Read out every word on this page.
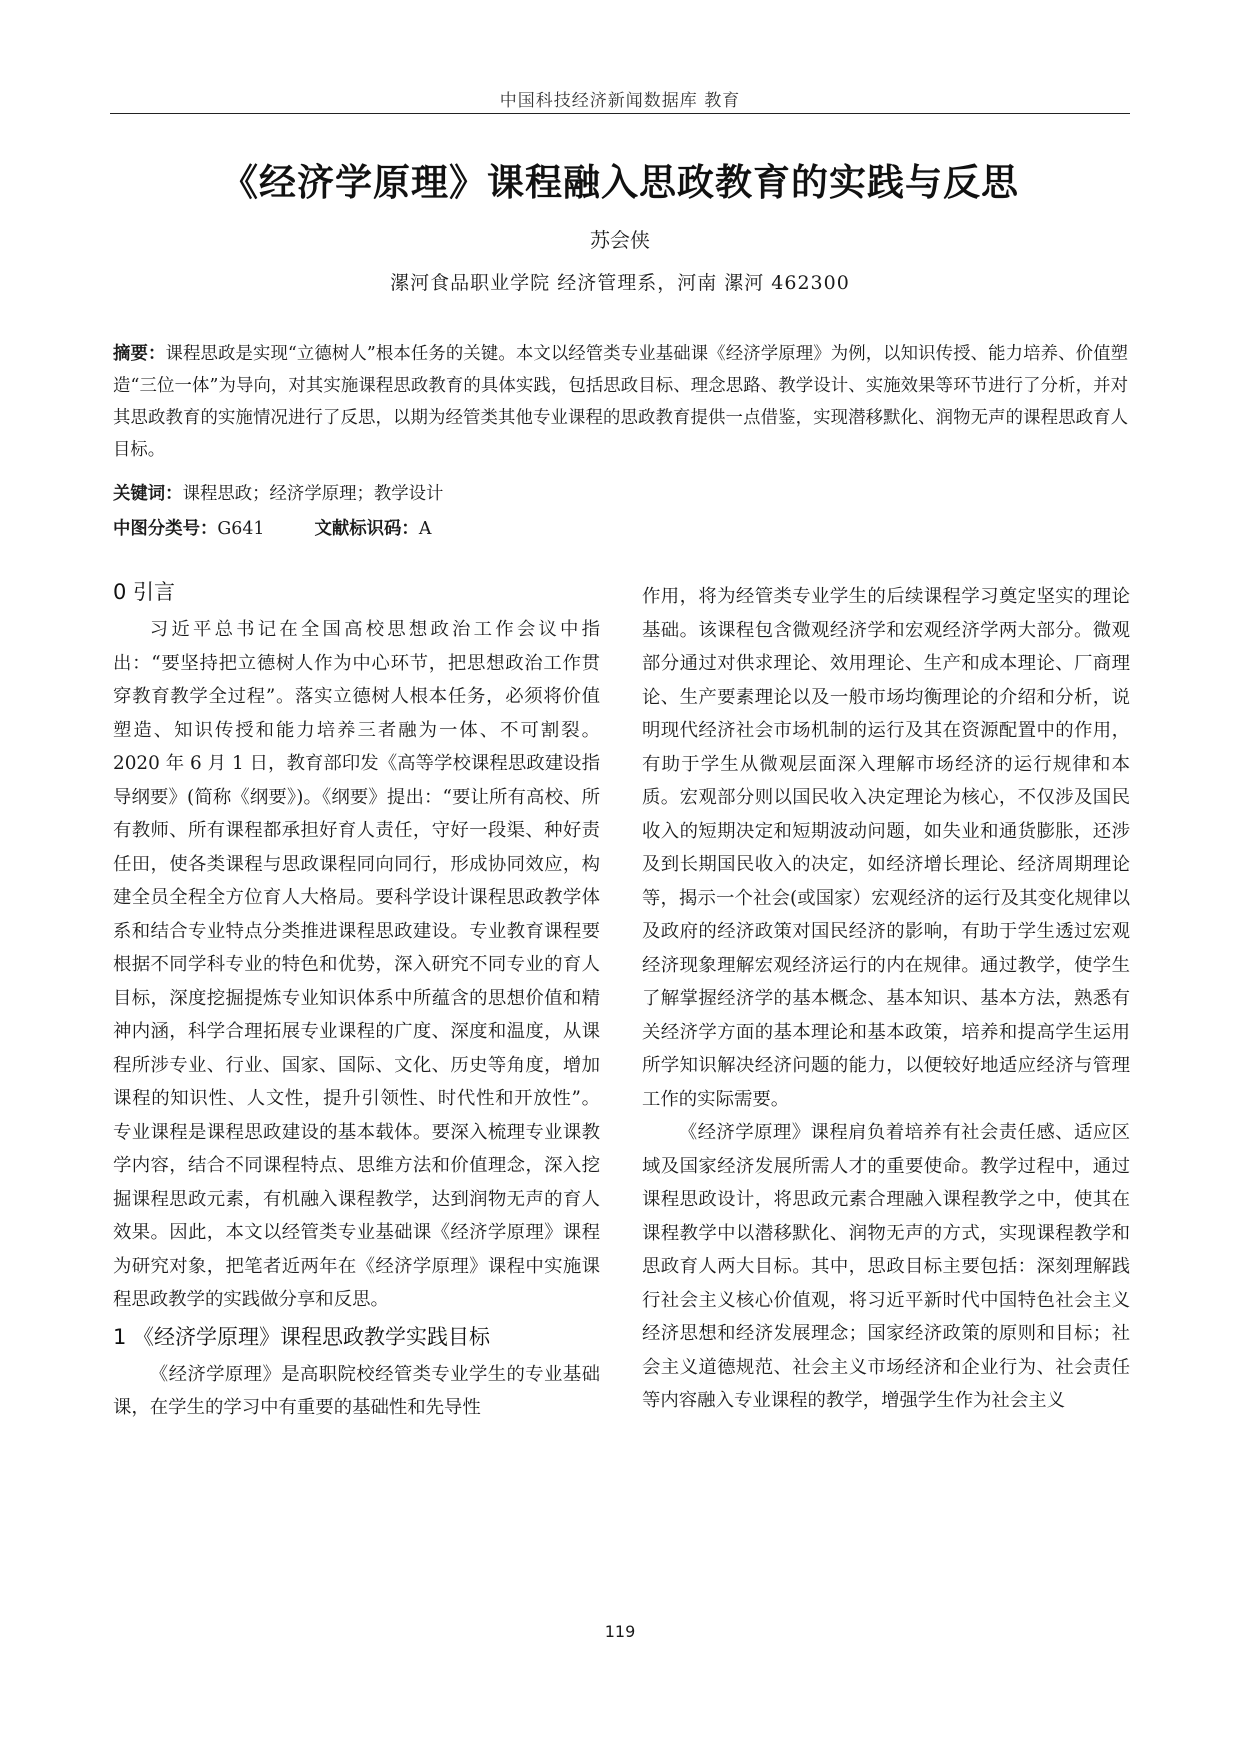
中国科技经济新闻数据库 教育
《经济学原理》课程融入思政教育的实践与反思
苏会侠
漯河食品职业学院 经济管理系，河南 漯河 462300
摘要：课程思政是实现“立德树人”根本任务的关键。本文以经管类专业基础课《经济学原理》为例，以知识传授、能力培养、价值塑造“三位一体”为导向，对其实施课程思政教育的具体实践，包括思政目标、理念思路、教学设计、实施效果等环节进行了分析，并对其思政教育的实施情况进行了反思，以期为经管类其他专业课程的思政教育提供一点借鉴，实现潜移默化、润物无声的课程思政育人目标。
关键词：课程思政；经济学原理；教学设计
中图分类号：G641	文献标识码：A
0 引言

习近平总书记在全国高校思想政治工作会议中指出：“要坚持把立德树人作为中心环节，把思想政治工作贯穿教育教学全过程”。落实立德树人根本任务，必须将价值塑造、知识传授和能力培养三者融为一体、不可割裂。 2020 年 6 月 1 日，教育部印发《高等学校课程思政建设指导纲要》(简称《纲要》)。《纲要》提出：“要让所有高校、所有教师、所有课程都承担好育人责任，守好一段渠、种好责任田，使各类课程与思政课程同向同行，形成协同效应，构建全员全程全方位育人大格局。要科学设计课程思政教学体系和结合专业特点分类推进课程思政建设。专业教育课程要根据不同学科专业的特色和优势，深入研究不同专业的育人目标，深度挖掘提炼专业知识体系中所蕴含的思想价值和精神内涵，科学合理拓展专业课程的广度、深度和温度，从课程所涉专业、行业、国家、国际、文化、历史等角度，增加课程的知识性、人文性，提升引领性、时代性和开放性”。专业课程是课程思政建设的基本载体。要深入梳理专业课教学内容，结合不同课程特点、思维方法和价值理念，深入挖掘课程思政元素，有机融入课程教学，达到润物无声的育人效果。因此，本文以经管类专业基础课《经济学原理》课程为研究对象，把笔者近两年在《经济学原理》课程中实施课程思政教学的实践做分享和反思。

1 《经济学原理》课程思政教学实践目标

《经济学原理》是高职院校经管类专业学生的专业基础课，在学生的学习中有重要的基础性和先导性

作用，将为经管类专业学生的后续课程学习奠定坚实的理论基础。该课程包含微观经济学和宏观经济学两大部分。微观部分通过对供求理论、效用理论、生产和成本理论、厂商理论、生产要素理论以及一般市场均衡理论的介绍和分析，说明现代经济社会市场机制的运行及其在资源配置中的作用，有助于学生从微观层面深入理解市场经济的运行规律和本质。宏观部分则以国民收入决定理论为核心，不仅涉及国民收入的短期决定和短期波动问题，如失业和通货膨胀，还涉及到长期国民收入的决定，如经济增长理论、经济周期理论等，揭示一个社会(或国家）宏观经济的运行及其变化规律以及政府的经济政策对国民经济的影响，有助于学生透过宏观经济现象理解宏观经济运行的内在规律。通过教学，使学生了解掌握经济学的基本概念、基本知识、基本方法，熟悉有关经济学方面的基本理论和基本政策，培养和提高学生运用所学知识解决经济问题的能力，以便较好地适应经济与管理工作的实际需要。

《经济学原理》课程肩负着培养有社会责任感、适应区域及国家经济发展所需人才的重要使命。教学过程中，通过课程思政设计，将思政元素合理融入课程教学之中，使其在课程教学中以潜移默化、润物无声的方式，实现课程教学和思政育人两大目标。其中，思政目标主要包括：深刻理解践行社会主义核心价值观，将习近平新时代中国特色社会主义经济思想和经济发展理念；国家经济政策的原则和目标；社会主义道德规范、社会主义市场经济和企业行为、社会责任等内容融入专业课程的教学，增强学生作为社会主义

119
